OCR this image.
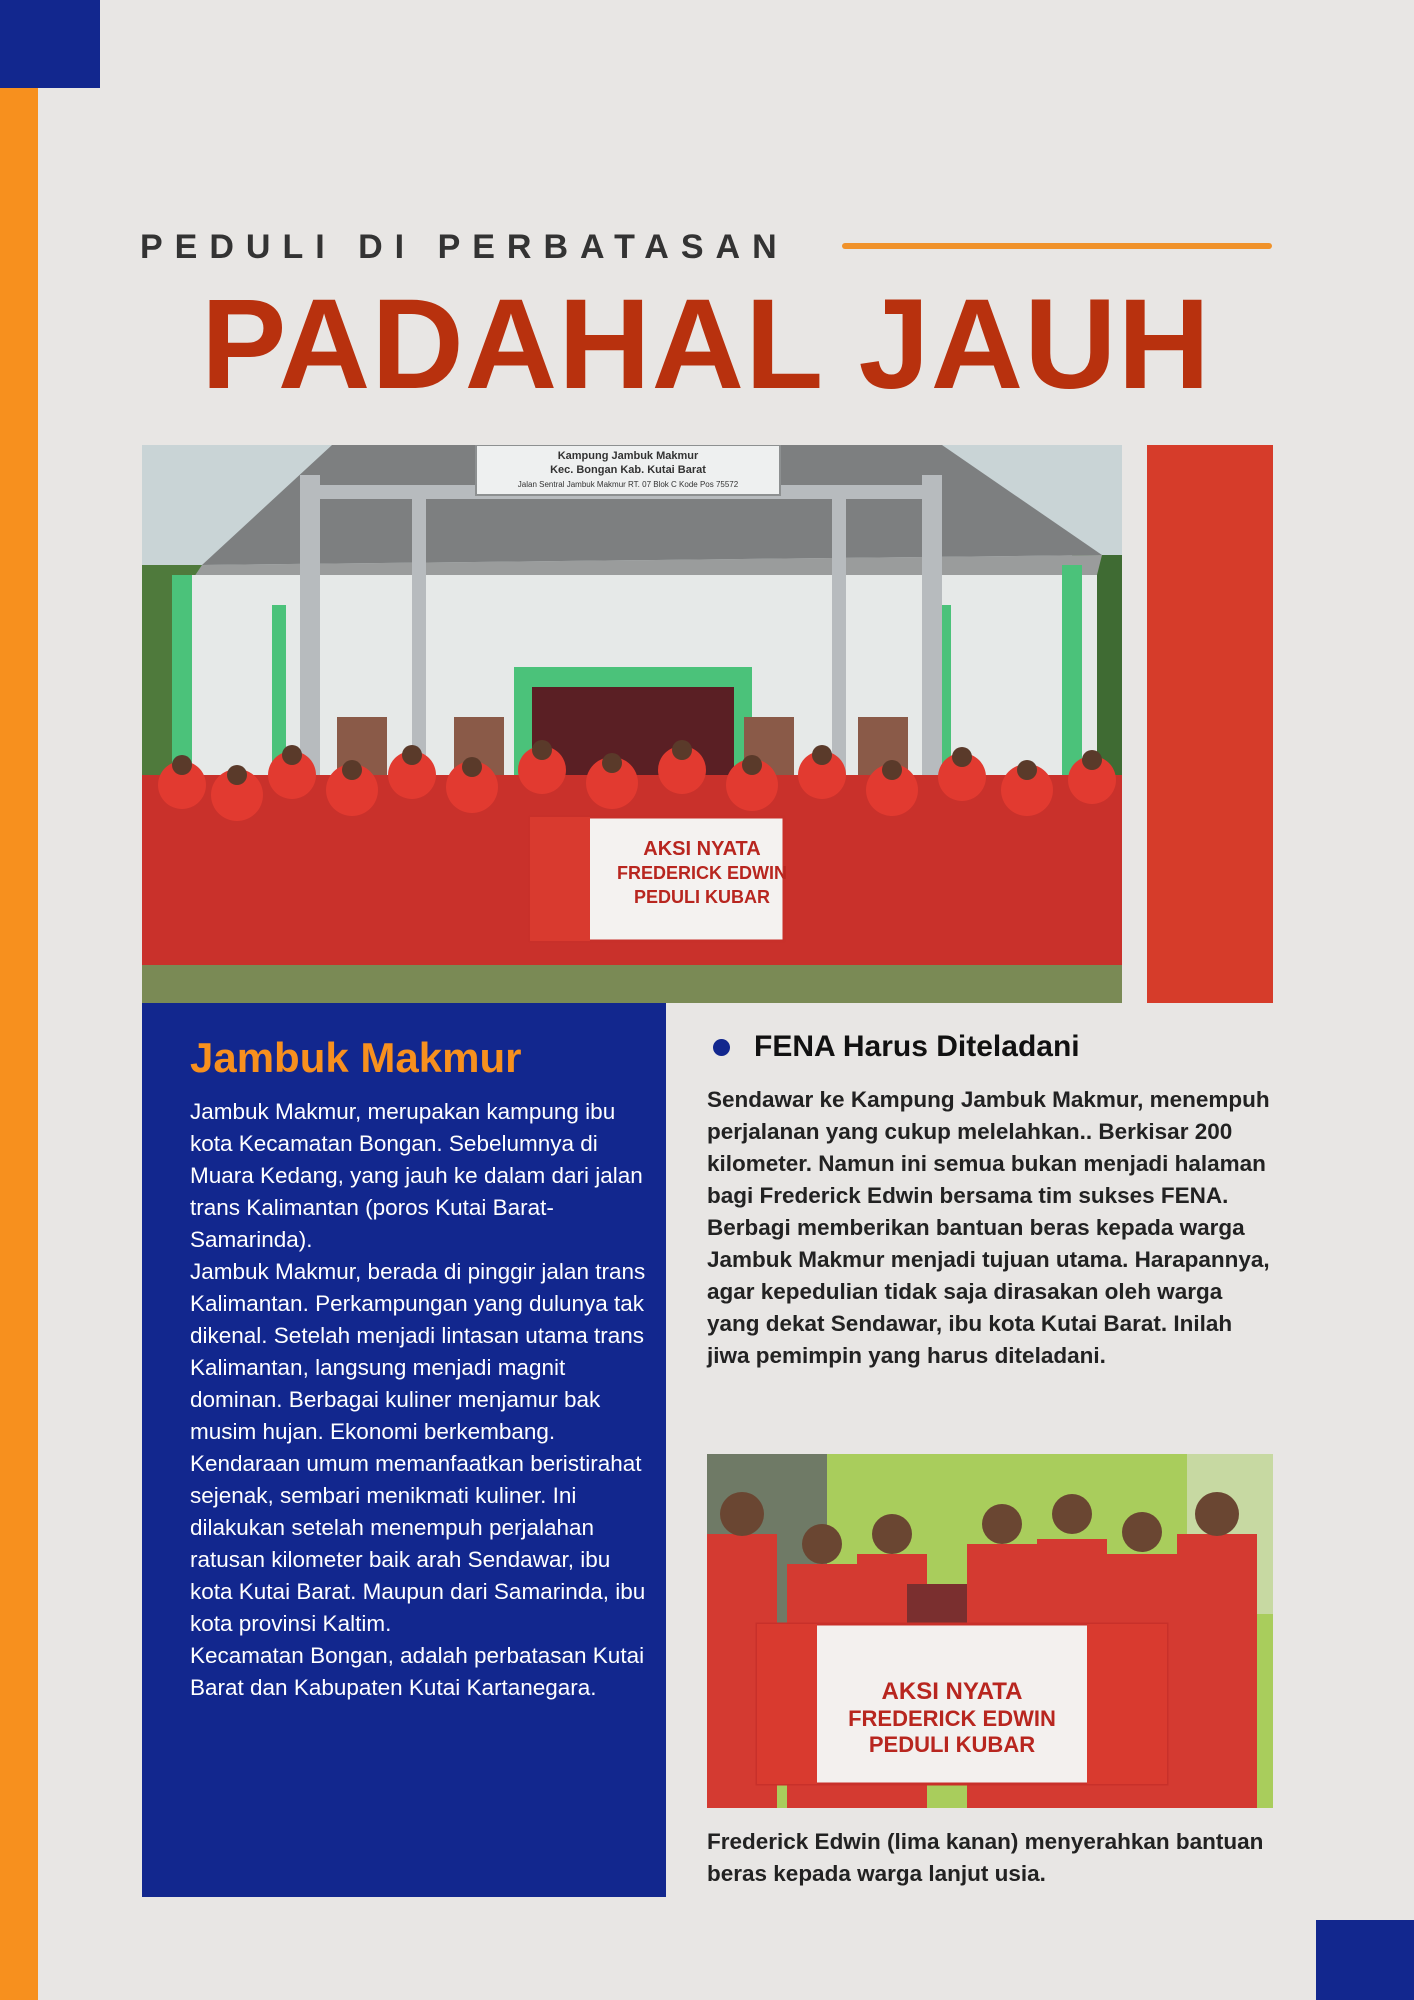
PEDULI DI PERBATASAN
PADAHAL JAUH
Kampung Jambuk Makmur
Kec. Bongan Kab. Kutai Barat
Jalan Sentral Jambuk Makmur RT. 07 Blok C Kode Pos 75572
AKSI NYATA
FREDERICK EDWIN
PEDULI KUBAR
Jambuk Makmur

Jambuk Makmur, merupakan kampung ibu kota Kecamatan Bongan. Sebelumnya di Muara Kedang, yang jauh ke dalam dari jalan trans Kalimantan (poros Kutai Barat-Samarinda).

Jambuk Makmur, berada di pinggir jalan trans Kalimantan. Perkampungan yang dulunya tak dikenal. Setelah menjadi lintasan utama trans Kalimantan, langsung menjadi magnit dominan. Berbagai kuliner menjamur bak musim hujan. Ekonomi berkembang. Kendaraan umum memanfaatkan beristirahat sejenak, sembari menikmati kuliner. Ini dilakukan setelah menempuh perjalahan ratusan kilometer baik arah Sendawar, ibu kota Kutai Barat. Maupun dari Samarinda, ibu kota provinsi Kaltim.

Kecamatan Bongan, adalah perbatasan Kutai Barat dan Kabupaten Kutai Kartanegara.

FENA Harus Diteladani
Sendawar ke Kampung Jambuk Makmur, menempuh perjalanan yang cukup melelahkan.. Berkisar 200 kilometer. Namun ini semua bukan menjadi halaman bagi Frederick Edwin bersama tim sukses FENA. Berbagi memberikan bantuan beras kepada warga Jambuk Makmur menjadi tujuan utama. Harapannya, agar kepedulian tidak saja dirasakan oleh warga yang dekat Sendawar, ibu kota Kutai Barat. Inilah jiwa pemimpin yang harus diteladani.
AKSI NYATA
FREDERICK EDWIN
PEDULI KUBAR
Frederick Edwin (lima kanan) menyerahkan bantuan beras kepada warga lanjut usia.
